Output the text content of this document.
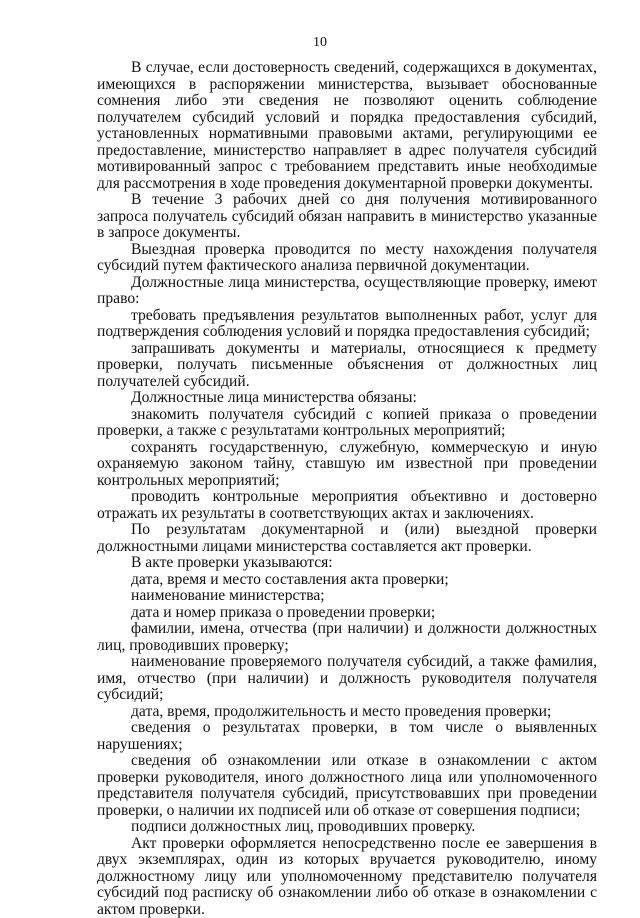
10

В случае, если достоверность сведений, содержащихся в документах, имеющихся в распоряжении министерства, вызывает обоснованные сомнения либо эти сведения не позволяют оценить соблюдение получателем субсидий условий и порядка предоставления субсидий, установленных нормативными правовыми актами, регулирующими ее предоставление, министерство направляет в адрес получателя субсидий мотивированный запрос с требованием представить иные необходимые для рассмотрения в ходе проведения документарной проверки документы.

В течение 3 рабочих дней со дня получения мотивированного запроса получатель субсидий обязан направить в министерство указанные в запросе документы.

Выездная проверка проводится по месту нахождения получателя субсидий путем фактического анализа первичной документации.

Должностные лица министерства, осуществляющие проверку, имеют право:

требовать предъявления результатов выполненных работ, услуг для подтверждения соблюдения условий и порядка предоставления субсидий;

запрашивать документы и материалы, относящиеся к предмету проверки, получать письменные объяснения от должностных лиц получателей субсидий.

Должностные лица министерства обязаны:

знакомить получателя субсидий с копией приказа о проведении проверки, а также с результатами контрольных мероприятий;

сохранять государственную, служебную, коммерческую и иную охраняемую законом тайну, ставшую им известной при проведении контрольных мероприятий;

проводить контрольные мероприятия объективно и достоверно отражать их результаты в соответствующих актах и заключениях.

По результатам документарной и (или) выездной проверки должностными лицами министерства составляется акт проверки.

В акте проверки указываются:

дата, время и место составления акта проверки;

наименование министерства;

дата и номер приказа о проведении проверки;

фамилии, имена, отчества (при наличии) и должности должностных лиц, проводивших проверку;

наименование проверяемого получателя субсидий, а также фамилия, имя, отчество (при наличии) и должность руководителя получателя субсидий;

дата, время, продолжительность и место проведения проверки;

сведения о результатах проверки, в том числе о выявленных нарушениях;

сведения об ознакомлении или отказе в ознакомлении с актом проверки руководителя, иного должностного лица или уполномоченного представителя получателя субсидий, присутствовавших при проведении проверки, о наличии их подписей или об отказе от совершения подписи;

подписи должностных лиц, проводивших проверку.

Акт проверки оформляется непосредственно после ее завершения в двух экземплярах, один из которых вручается руководителю, иному должностному лицу или уполномоченному представителю получателя субсидий под расписку об ознакомлении либо об отказе в ознакомлении с актом проверки.
